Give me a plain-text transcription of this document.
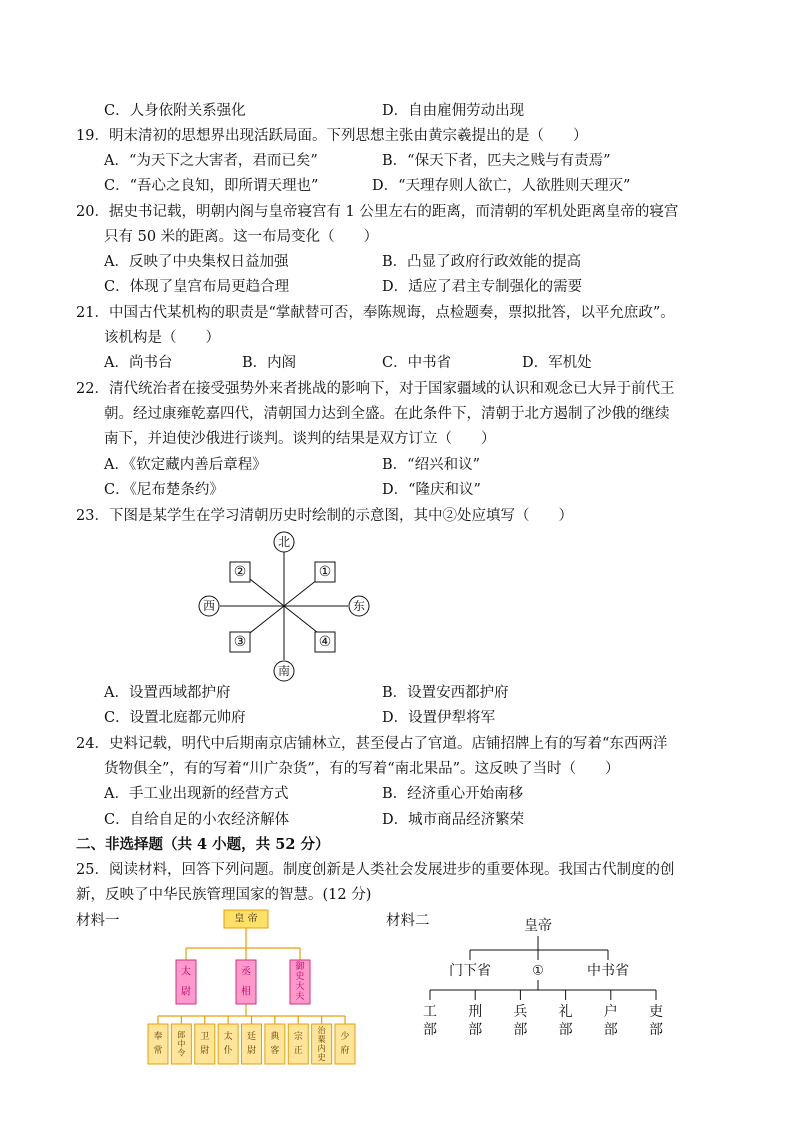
C．人身依附关系强化	D．自由雇佣劳动出现
19．明末清初的思想界出现活跃局面。下列思想主张由黄宗羲提出的是（　　）
A．“为天下之大害者，君而已矣”	B．“保天下者，匹夫之贱与有责焉”
C．“吾心之良知，即所谓天理也”	D．“天理存则人欲亡，人欲胜则天理灭”
20．据史书记载，明朝内阁与皇帝寝宫有 1 公里左右的距离，而清朝的军机处距离皇帝的寝宫
只有 50 米的距离。这一布局变化（　　）
A．反映了中央集权日益加强	B．凸显了政府行政效能的提高
C．体现了皇宫布局更趋合理	D．适应了君主专制强化的需要
21．中国古代某机构的职责是“掌献替可否，奉陈规诲，点检题奏，票拟批答，以平允庶政”。
该机构是（　　）
A．尚书台	B．内阁	C．中书省	D．军机处
22．清代统治者在接受强势外来者挑战的影响下，对于国家疆域的认识和观念已大异于前代王
朝。经过康雍乾嘉四代，清朝国力达到全盛。在此条件下，清朝于北方遏制了沙俄的继续
南下，并迫使沙俄进行谈判。谈判的结果是双方订立（　　）
A．《钦定藏内善后章程》	B．“绍兴和议”
C．《尼布楚条约》	D．“隆庆和议”
23．下图是某学生在学习清朝历史时绘制的示意图，其中②处应填写（　　）
北
南
西	东
②	①
③	④
A．设置西域都护府	B．设置安西都护府
C．设置北庭都元帅府	D．设置伊犁将军
24．史料记载，明代中后期南京店铺林立，甚至侵占了官道。店铺招牌上有的写着“东西两洋
货物俱全”，有的写着“川广杂货”，有的写着“南北果品”。这反映了当时（　　）
A．手工业出现新的经营方式	B．经济重心开始南移
C．自给自足的小农经济解体	D．城市商品经济繁荣
二、非选择题（共 4 小题，共 52 分）
25．阅读材料，回答下列问题。制度创新是人类社会发展进步的重要体现。我国古代制度的创
新，反映了中华民族管理国家的智慧。(12 分)
材料一	材料二
皇 帝
太
尉
丞
相
御
史
大
夫
奉
常
郎
中
令
卫
尉
太
仆
廷
尉
典
客
宗
正
治
粟
内
史
少
府
皇帝
门下省	①	中书省
工
部
刑
部
兵
部
礼
部
户
部
吏
部
